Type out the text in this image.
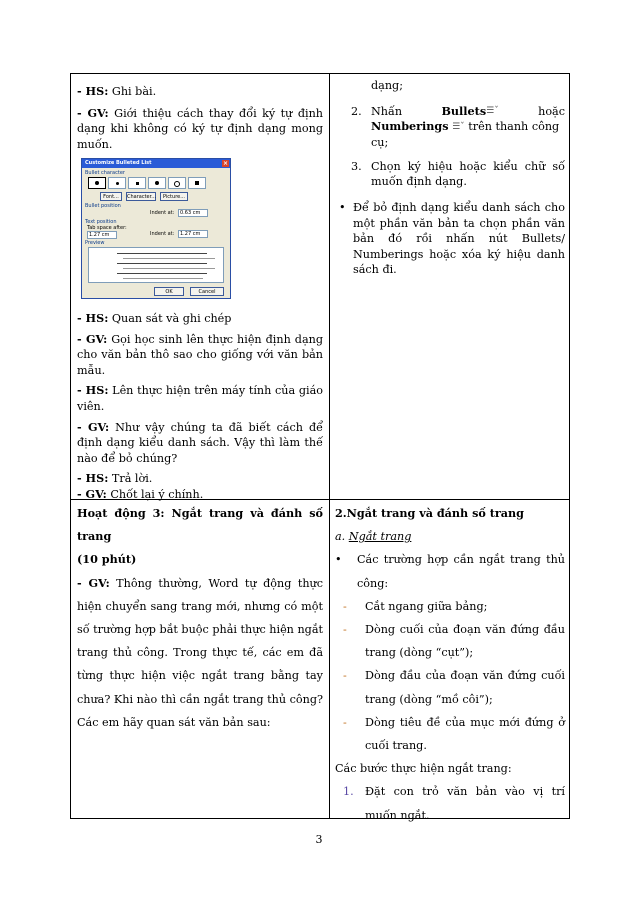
- HS: Ghi bài.

- GV: Giới thiệu cách thay đổi ký tự định dạng khi không có ký tự định dạng mong muốn.

Customize Bulleted List	×
Bullet character
Font...	Character...	Picture...
Bullet position
Indent at:	0.63 cm
Text position
Tab space after:
1.27 cm	Indent at:	1.27 cm
Preview
OK	Cancel

- HS: Quan sát và ghi chép

- GV: Gọi học sinh lên thực hiện định dạng cho văn bản thô sao cho giống với văn bản mẫu.

- HS: Lên thực hiện trên máy tính của giáo viên.

- GV: Như vậy chúng ta đã biết cách để định dạng kiểu danh sách. Vậy thì làm thế nào để bỏ chúng?

- HS: Trả lời.

- GV: Chốt lại ý chính.

dạng;

2. Nhấn	Bullets☰ˇ	hoặc
Numberings ☰ˇ trên thanh công cụ;
3. Chọn ký hiệu hoặc kiểu chữ số muốn định dạng.
• Để bỏ định dạng kiểu danh sách cho một phần văn bản ta chọn phần văn bản đó rồi nhấn nút Bullets/ Numberings hoặc xóa ký hiệu danh sách đi.

Hoạt động 3: Ngắt trang và đánh số trang

(10 phút)

- GV: Thông thường, Word tự động thực hiện chuyển sang trang mới, nhưng có một số trường hợp bắt buộc phải thực hiện ngắt trang thủ công. Trong thực tế, các em đã từng thực hiện việc ngắt trang bằng tay chưa? Khi nào thì cần ngắt trang thủ công? Các em hãy quan sát văn bản sau:

2.Ngắt trang và đánh số trang

a. Ngắt trang

•	Các trường hợp cần ngắt trang thủ công:
-	Cắt ngang giữa bảng;
-	Dòng cuối của đoạn văn đứng đầu trang (dòng “cụt”);
-	Dòng đầu của đoạn văn đứng cuối trang (dòng “mồ côi”);
-	Dòng tiêu đề của mục mới đứng ở cuối trang.

Các bước thực hiện ngắt trang:

1.	Đặt con trỏ văn bản vào vị trí muốn ngắt.
3
